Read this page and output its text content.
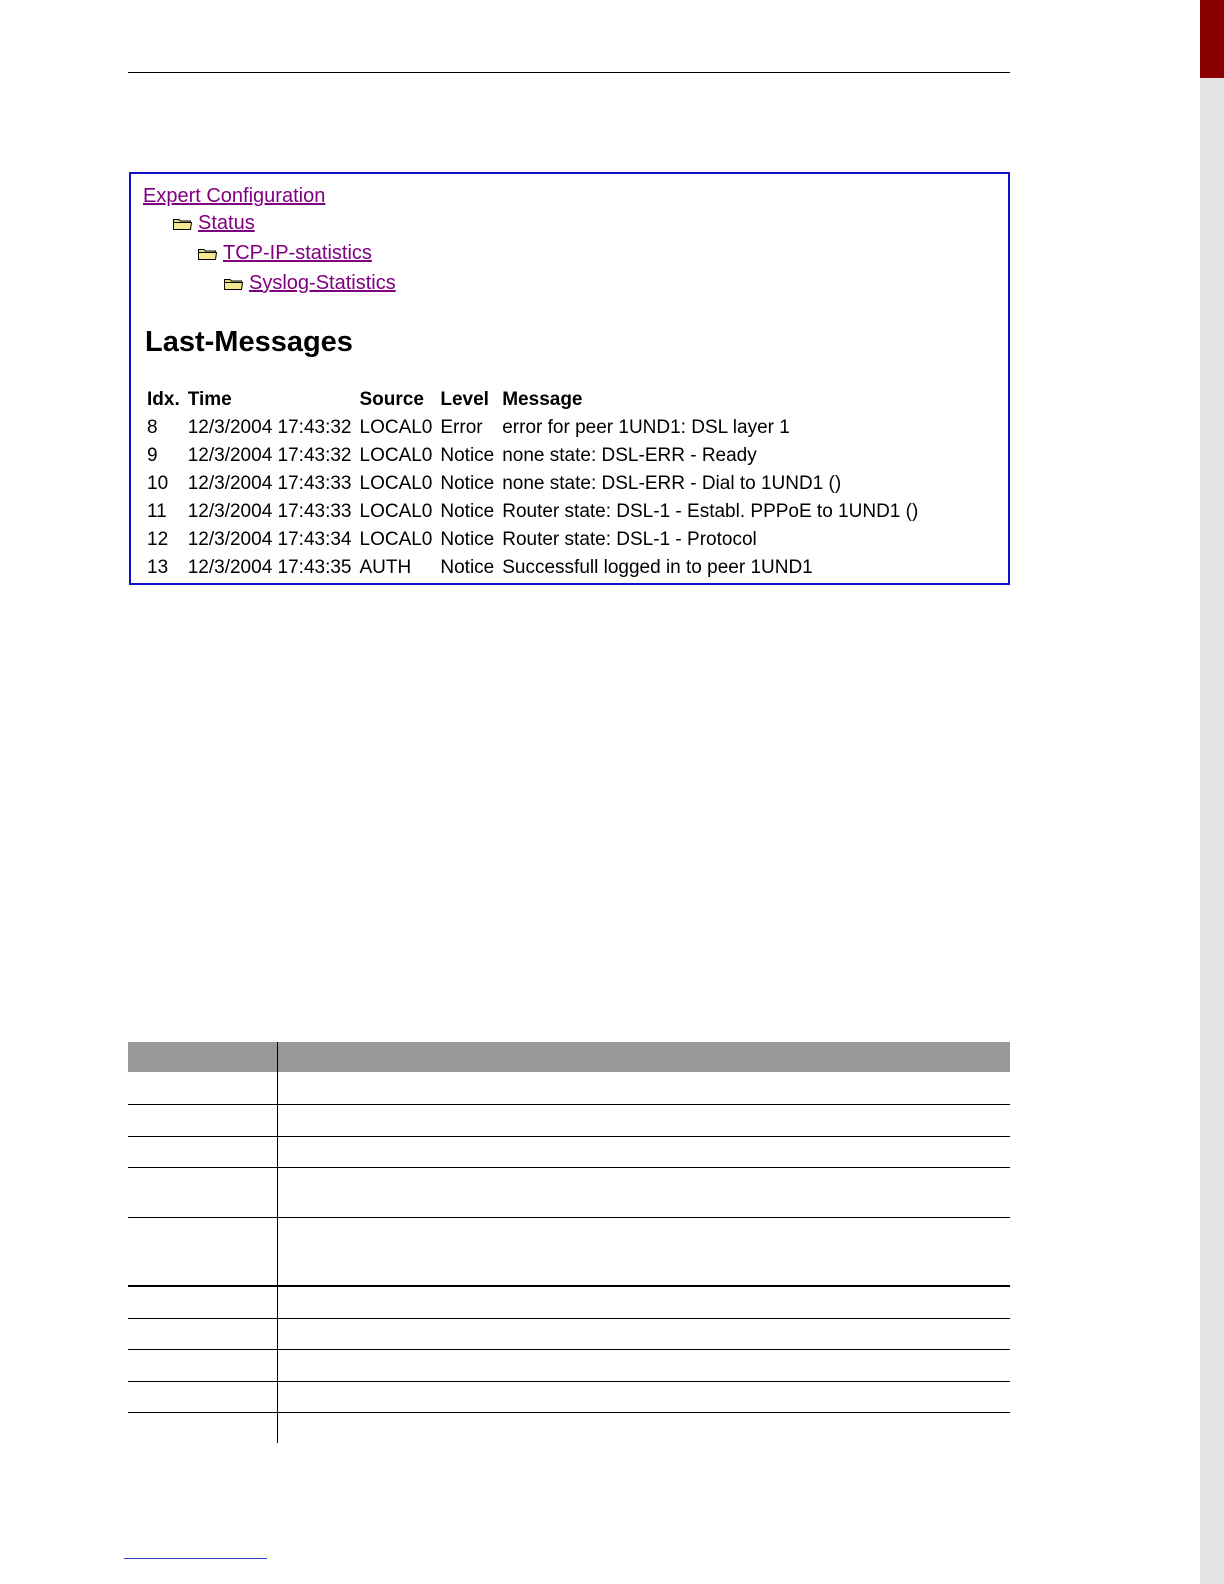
Expert Configuration
Status
TCP-IP-statistics
Syslog-Statistics
Last-Messages
Idx.	Time	Source	Level	Message
8	12/3/2004 17:43:32	LOCAL0	Error	error for peer 1UND1: DSL layer 1
9	12/3/2004 17:43:32	LOCAL0	Notice	none state: DSL-ERR - Ready
10	12/3/2004 17:43:33	LOCAL0	Notice	none state: DSL-ERR - Dial to 1UND1 ()
11	12/3/2004 17:43:33	LOCAL0	Notice	Router state: DSL-1 - Establ. PPPoE to 1UND1 ()
12	12/3/2004 17:43:34	LOCAL0	Notice	Router state: DSL-1 - Protocol
13	12/3/2004 17:43:35	AUTH	Notice	Successfull logged in to peer 1UND1
